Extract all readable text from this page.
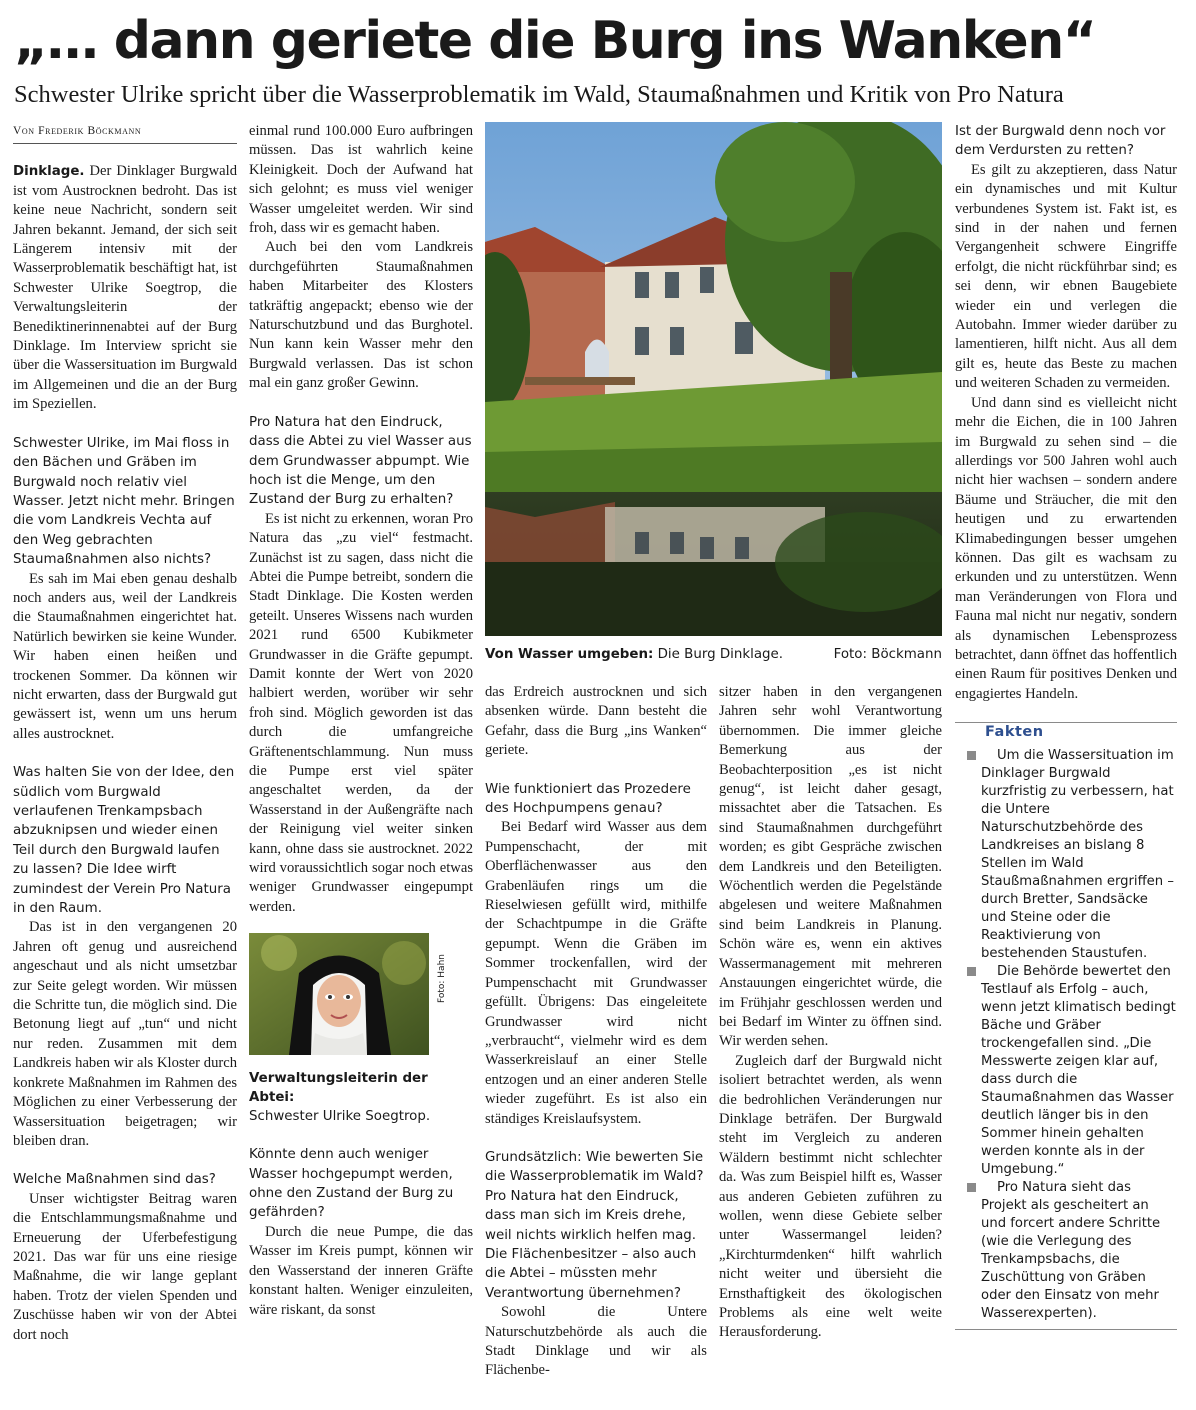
„… dann geriete die Burg ins Wanken“
Schwester Ulrike spricht über die Wasserproblematik im Wald, Staumaßnahmen und Kritik von Pro Natura
Von Frederik Böckmann

Dinklage. Der Dinklager Burgwald ist vom Austrocknen bedroht. Das ist keine neue Nachricht, sondern seit Jahren bekannt. Jemand, der sich seit Längerem intensiv mit der Wasserproblematik beschäftigt hat, ist Schwester Ulrike Soegtrop, die Verwaltungsleiterin der Benediktinerinnenabtei auf der Burg Dinklage. Im Interview spricht sie über die Wassersituation im Burgwald im Allgemeinen und die an der Burg im Speziellen.

Schwester Ulrike, im Mai floss in den Bächen und Gräben im Burgwald noch relativ viel Wasser. Jetzt nicht mehr. Bringen die vom Landkreis Vechta auf den Weg gebrachten Staumaßnahmen also nichts?

Es sah im Mai eben genau deshalb noch anders aus, weil der Landkreis die Staumaßnahmen eingerichtet hat. Natürlich bewirken sie keine Wunder. Wir haben einen heißen und trockenen Sommer. Da können wir nicht erwarten, dass der Burgwald gut gewässert ist, wenn um uns herum alles austrocknet.

Was halten Sie von der Idee, den südlich vom Burgwald verlaufenen Trenkampsbach abzuknipsen und wieder einen Teil durch den Burgwald laufen zu lassen? Die Idee wirft zumindest der Verein Pro Natura in den Raum.

Das ist in den vergangenen 20 Jahren oft genug und ausreichend angeschaut und als nicht umsetzbar zur Seite gelegt worden. Wir müssen die Schritte tun, die möglich sind. Die Betonung liegt auf „tun“ und nicht nur reden. Zusammen mit dem Landkreis haben wir als Kloster durch konkrete Maßnahmen im Rahmen des Möglichen zu einer Verbesserung der Wassersituation beigetragen; wir bleiben dran.

Welche Maßnahmen sind das?

Unser wichtigster Beitrag waren die Entschlammungsmaßnahme und Erneuerung der Uferbefestigung 2021. Das war für uns eine riesige Maßnahme, die wir lange geplant haben. Trotz der vielen Spenden und Zuschüsse haben wir von der Abtei dort noch

einmal rund 100.000 Euro aufbringen müssen. Das ist wahrlich keine Kleinigkeit. Doch der Aufwand hat sich gelohnt; es muss viel weniger Wasser umgeleitet werden. Wir sind froh, dass wir es gemacht haben.

Auch bei den vom Landkreis durchgeführten Staumaßnahmen haben Mitarbeiter des Klosters tatkräftig angepackt; ebenso wie der Naturschutzbund und das Burghotel. Nun kann kein Wasser mehr den Burgwald verlassen. Das ist schon mal ein ganz großer Gewinn.

Pro Natura hat den Eindruck, dass die Abtei zu viel Wasser aus dem Grundwasser abpumpt. Wie hoch ist die Menge, um den Zustand der Burg zu erhalten?

Es ist nicht zu erkennen, woran Pro Natura das „zu viel“ festmacht. Zunächst ist zu sagen, dass nicht die Abtei die Pumpe betreibt, sondern die Stadt Dinklage. Die Kosten werden geteilt. Unseres Wissens nach wurden 2021 rund 6500 Kubikmeter Grundwasser in die Gräfte gepumpt. Damit konnte der Wert von 2020 halbiert werden, worüber wir sehr froh sind. Möglich geworden ist das durch die umfangreiche Gräftenentschlammung. Nun muss die Pumpe erst viel später angeschaltet werden, da der Wasserstand in der Außengräfte nach der Reinigung viel weiter sinken kann, ohne dass sie austrocknet. 2022 wird voraussichtlich sogar noch etwas weniger Grundwasser eingepumpt werden.

Foto: Hahn
Verwaltungsleiterin der Abtei:
Schwester Ulrike Soegtrop.

Könnte denn auch weniger Wasser hochgepumpt werden, ohne den Zustand der Burg zu gefährden?

Durch die neue Pumpe, die das Wasser im Kreis pumpt, können wir den Wasserstand der inneren Gräfte konstant halten. Weniger einzuleiten, wäre riskant, da sonst

Von Wasser umgeben: Die Burg Dinklage.	Foto: Böckmann

das Erdreich austrocknen und sich absenken würde. Dann besteht die Gefahr, dass die Burg „ins Wanken“ geriete.

Wie funktioniert das Prozedere des Hochpumpens genau?

Bei Bedarf wird Wasser aus dem Pumpenschacht, der mit Oberflächenwasser aus den Grabenläufen rings um die Rieselwiesen gefüllt wird, mithilfe der Schachtpumpe in die Gräfte gepumpt. Wenn die Gräben im Sommer trockenfallen, wird der Pumpenschacht mit Grundwasser gefüllt. Übrigens: Das eingeleitete Grundwasser wird nicht „verbraucht“, vielmehr wird es dem Wasserkreislauf an einer Stelle entzogen und an einer anderen Stelle wieder zugeführt. Es ist also ein ständiges Kreislaufsystem.

Grundsätzlich: Wie bewerten Sie die Wasserproblematik im Wald? Pro Natura hat den Eindruck, dass man sich im Kreis drehe, weil nichts wirklich helfen mag. Die Flächenbesitzer – also auch die Abtei – müssten mehr Verantwortung übernehmen?

Sowohl die Untere Naturschutzbehörde als auch die Stadt Dinklage und wir als Flächenbe-

sitzer haben in den vergangenen Jahren sehr wohl Verantwortung übernommen. Die immer gleiche Bemerkung aus der Beobachterposition „es ist nicht genug“, ist leicht daher gesagt, missachtet aber die Tatsachen. Es sind Staumaßnahmen durchgeführt worden; es gibt Gespräche zwischen dem Landkreis und den Beteiligten. Wöchentlich werden die Pegelstände abgelesen und weitere Maßnahmen sind beim Landkreis in Planung. Schön wäre es, wenn ein aktives Wassermanagement mit mehreren Anstauungen eingerichtet würde, die im Frühjahr geschlossen werden und bei Bedarf im Winter zu öffnen sind. Wir werden sehen.

Zugleich darf der Burgwald nicht isoliert betrachtet werden, als wenn die bedrohlichen Veränderungen nur Dinklage beträfen. Der Burgwald steht im Vergleich zu anderen Wäldern bestimmt nicht schlechter da. Was zum Beispiel hilft es, Wasser aus anderen Gebieten zuführen zu wollen, wenn diese Gebiete selber unter Wassermangel leiden? „Kirchturmdenken“ hilft wahrlich nicht weiter und übersieht die Ernsthaftigkeit des ökologischen Problems als eine welt weite Herausforderung.

Ist der Burgwald denn noch vor dem Verdursten zu retten?

Es gilt zu akzeptieren, dass Natur ein dynamisches und mit Kultur verbundenes System ist. Fakt ist, es sind in der nahen und fernen Vergangenheit schwere Eingriffe erfolgt, die nicht rückführbar sind; es sei denn, wir ebnen Baugebiete wieder ein und verlegen die Autobahn. Immer wieder darüber zu lamentieren, hilft nicht. Aus all dem gilt es, heute das Beste zu machen und weiteren Schaden zu vermeiden.

Und dann sind es vielleicht nicht mehr die Eichen, die in 100 Jahren im Burgwald zu sehen sind – die allerdings vor 500 Jahren wohl auch nicht hier wachsen – sondern andere Bäume und Sträucher, die mit den heutigen und zu erwartenden Klimabedingungen besser umgehen können. Das gilt es wachsam zu erkunden und zu unterstützen. Wenn man Veränderungen von Flora und Fauna mal nicht nur negativ, sondern als dynamischen Lebensprozess betrachtet, dann öffnet das hoffentlich einen Raum für positives Denken und engagiertes Handeln.

Fakten

Um die Wassersituation im Dinklager Burgwald kurzfristig zu verbessern, hat die Untere Naturschutzbehörde des Landkreises an bislang 8 Stellen im Wald Staußmaßnahmen ergriffen – durch Bretter, Sandsäcke und Steine oder die Reaktivierung von bestehenden Staustufen.

Die Behörde bewertet den Testlauf als Erfolg – auch, wenn jetzt klimatisch bedingt Bäche und Gräber trockengefallen sind. „Die Messwerte zeigen klar auf, dass durch die Staumaßnahmen das Wasser deutlich länger bis in den Sommer hinein gehalten werden konnte als in der Umgebung.“

Pro Natura sieht das Projekt als gescheitert an und forcert andere Schritte (wie die Verlegung des Trenkampsbachs, die Zuschüttung von Gräben oder den Einsatz von mehr Wasserexperten).
